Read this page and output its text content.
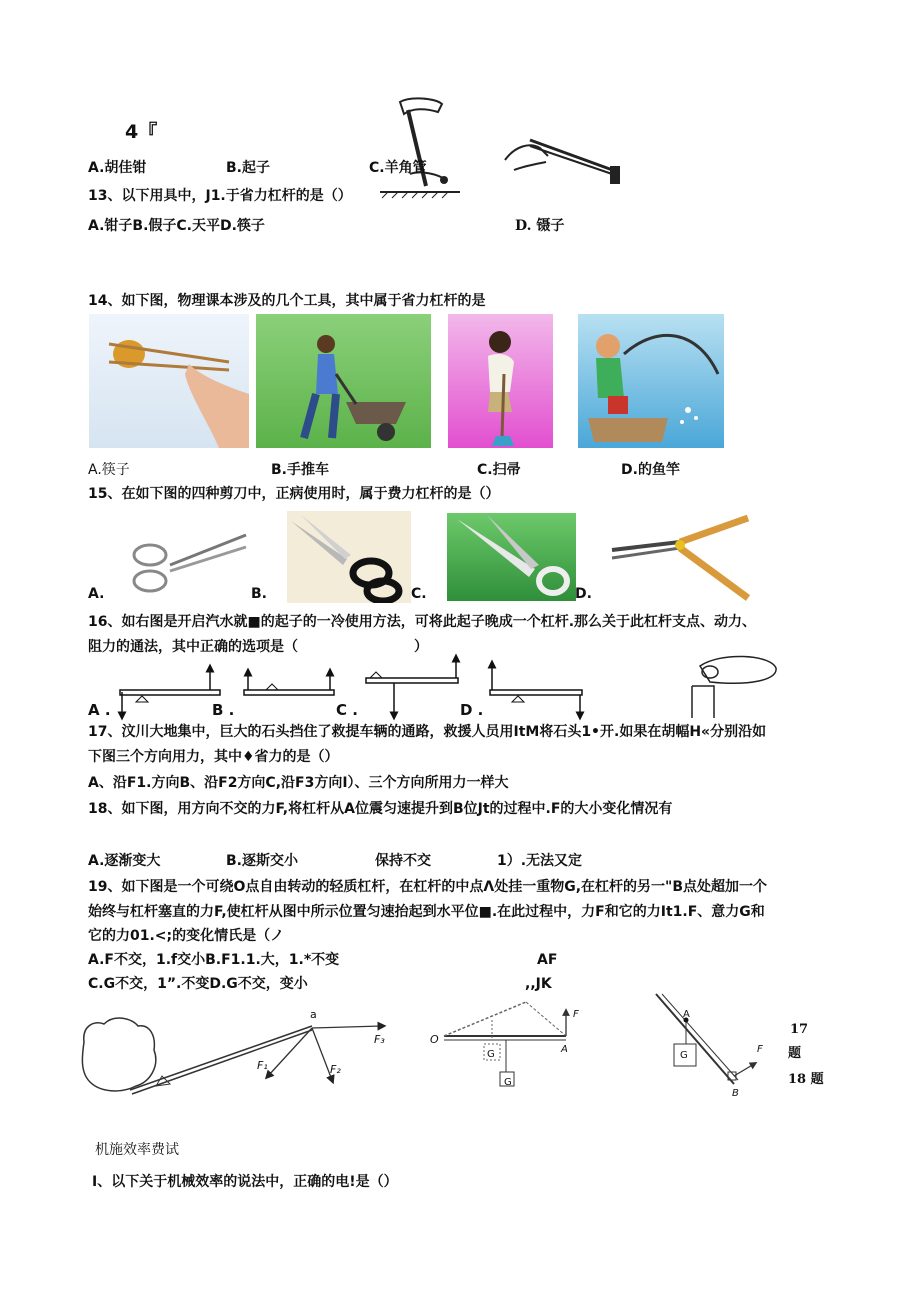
4『
A.胡佳钳	B.起子	C.羊角管
13、以下用具中，J1.于省力杠杆的是（）
A.钳子B.假子C.天平D.筷子	D. 镊子
14、如下图，物理课本涉及的几个工具，其中属于省力杠杆的是
A.筷子	B.手推车	C.扫帚	D.的鱼竿
15、在如下图的四种剪刀中，正病使用时，属于费力杠杆的是（）
A.	B.	C.	D.
16、如右图是开启汽水就■的起子的一冷使用方法，可将此起子晚成一个杠杆.那么关于此杠杆支点、动力、
阻力的通法，其中正确的选项是（	）
A .	B .	C .	D .
17、汶川大地集中，巨大的石头挡住了救提车辆的通路，救援人员用ItM将石头1•开.如果在胡幅H«分别沿如
下图三个方向用力，其中♦省力的是（）
A、沿F1.方向B、沿F2方向C,沿F3方向I）、三个方向所用力一样大
18、如下图，用方向不交的力F,将杠杆从A位震匀速提升到B位Jt的过程中.F的大小变化情况有
A.逐渐变大	B.逐斯交小	保持不交	1）.无法又定
19、如下图是一个可绕O点自由转动的轻质杠杆，在杠杆的中点Λ处挂一重物G,在杠杆的另一"B点处超加一个
始终与杠杆塞直的力F,使杠杆从图中所示位置匀速抬起到水平位■.在此过程中，力F和它的力It1.F、意力G和
它的力01.<;的变化情氏是（ノ
A.F不交，1.f交小B.F1.1.大，1.*不变
C.G不交，1”.不变D.G不交，变小
AF
,,JK
a
F₁	F₂
F₃	O
G
G
F
A
A
G
B
F
17
题
18 题
机施效率费试
I、以下关于机械效率的说法中，正确的电!是（）
